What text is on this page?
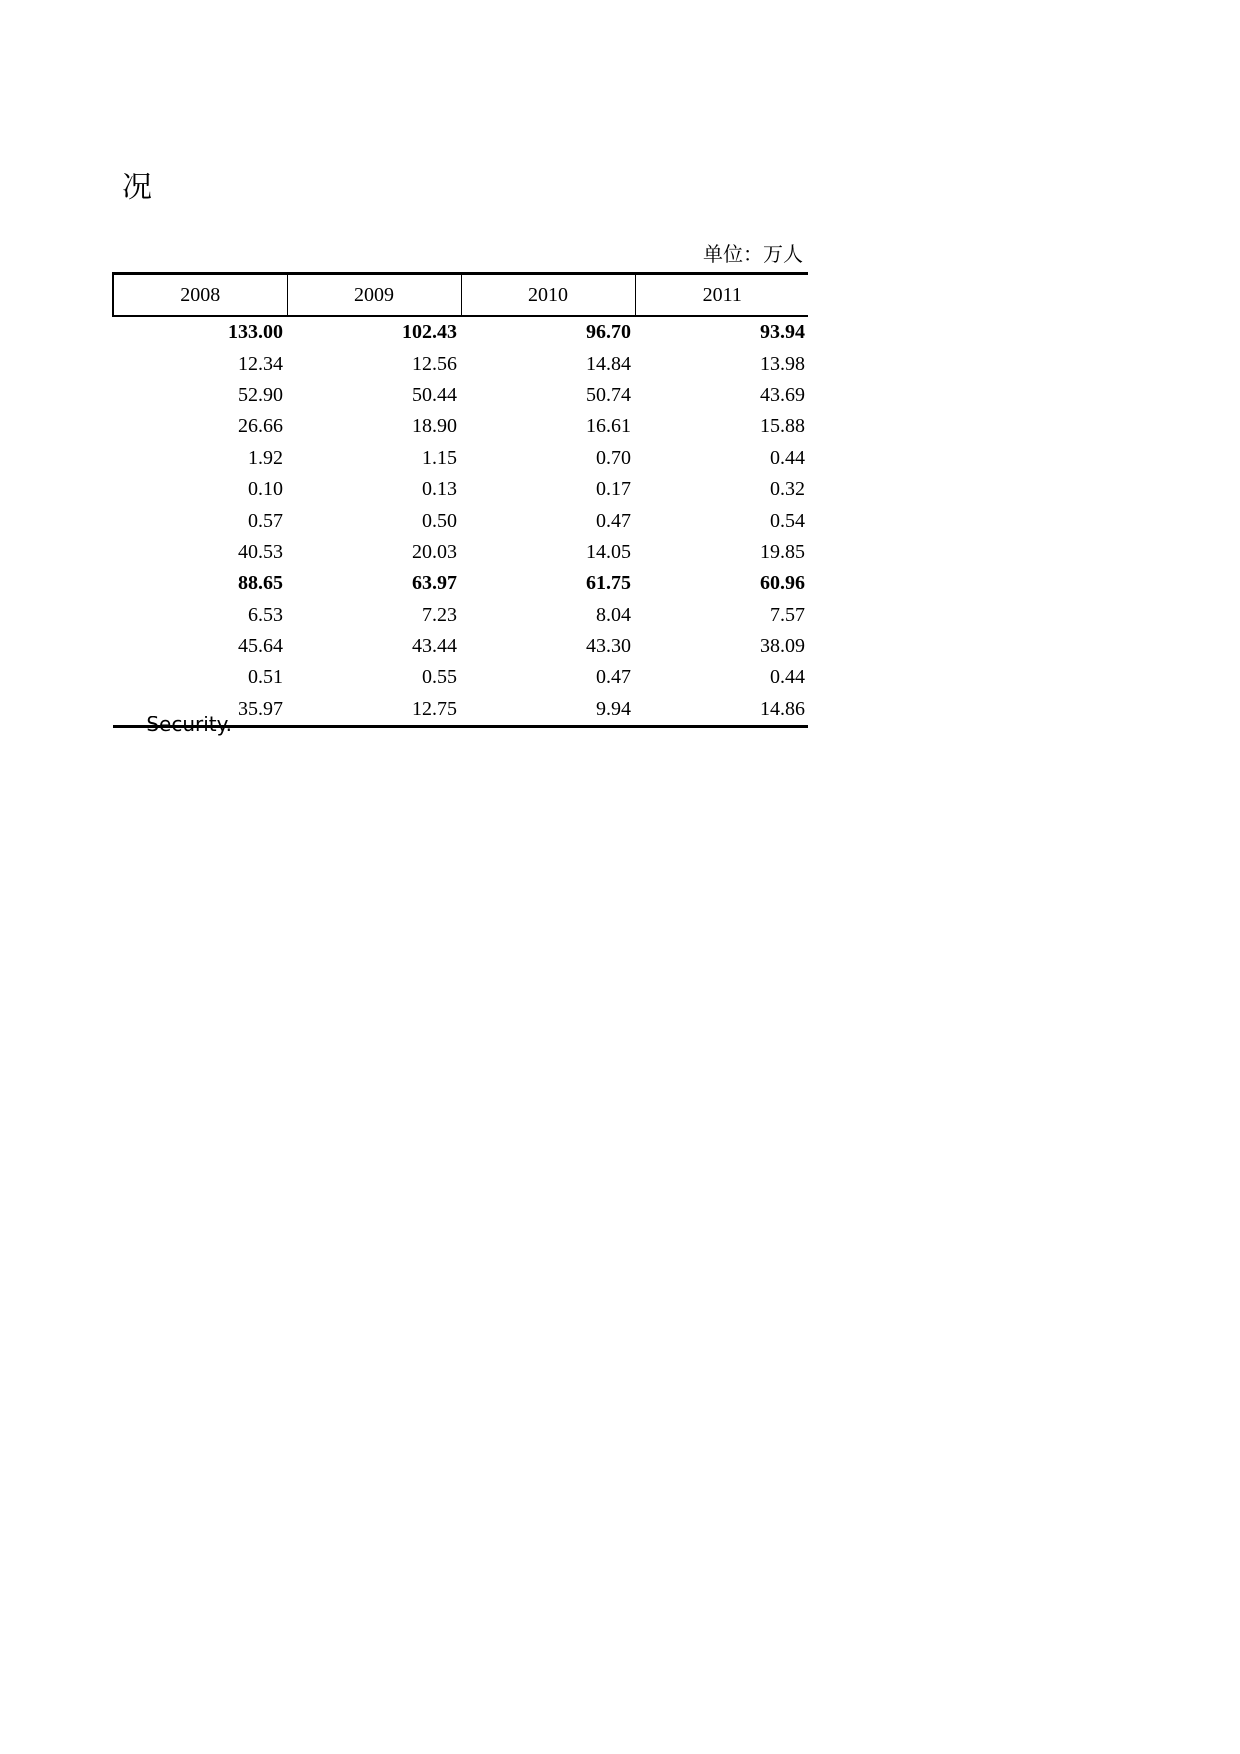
况
单位：万人
2008	2009	2010	2011
133.00	102.43	96.70	93.94
12.34	12.56	14.84	13.98
52.90	50.44	50.74	43.69
26.66	18.90	16.61	15.88
1.92	1.15	0.70	0.44
0.10	0.13	0.17	0.32
0.57	0.50	0.47	0.54
40.53	20.03	14.05	19.85
88.65	63.97	61.75	60.96
6.53	7.23	8.04	7.57
45.64	43.44	43.30	38.09
0.51	0.55	0.47	0.44
35.97	12.75	9.94	14.86
Security.
